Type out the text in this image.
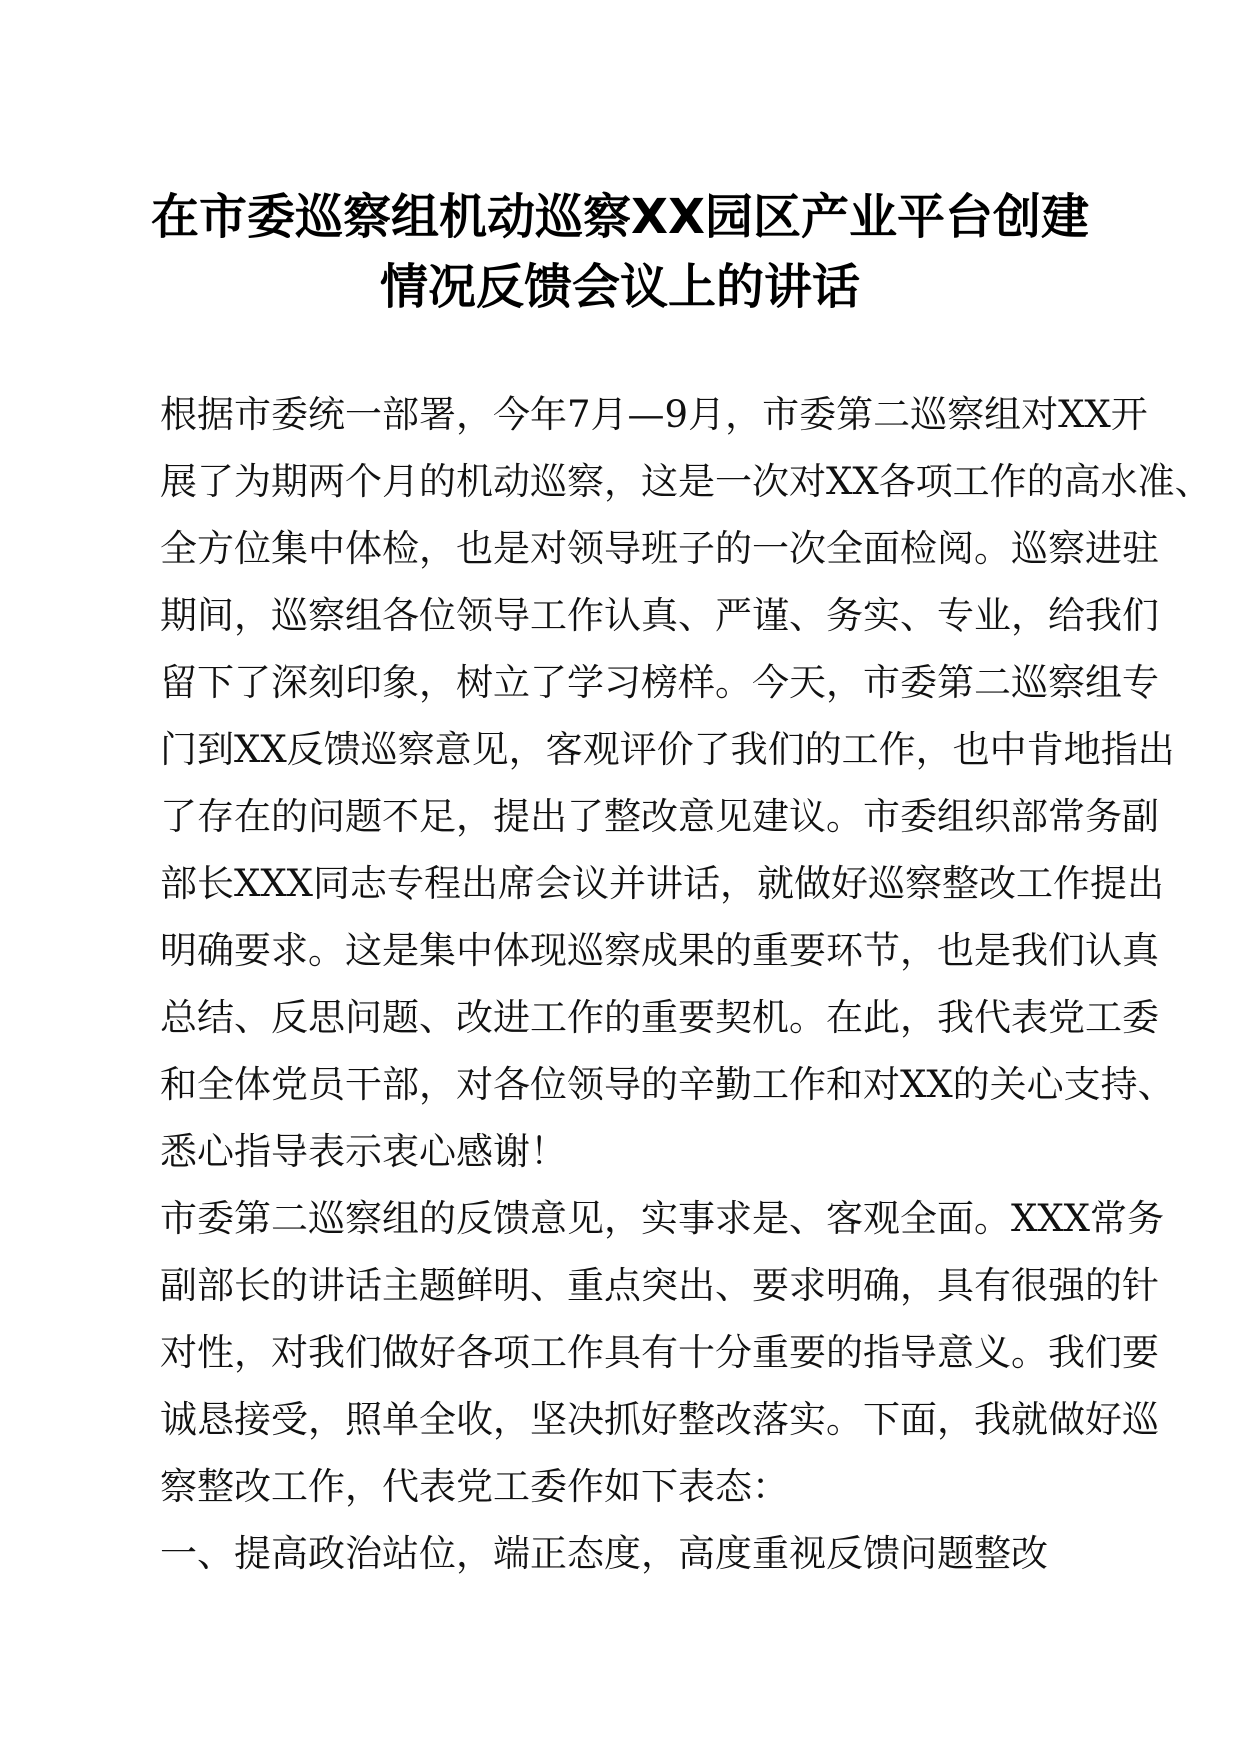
在市委巡察组机动巡察XX园区产业平台创建
情况反馈会议上的讲话

根据市委统一部署，今年7月—9月，市委第二巡察组对XX开

展了为期两个月的机动巡察，这是一次对XX各项工作的高水准、

全方位集中体检，也是对领导班子的一次全面检阅。巡察进驻

期间，巡察组各位领导工作认真、严谨、务实、专业，给我们

留下了深刻印象，树立了学习榜样。今天，市委第二巡察组专

门到XX反馈巡察意见，客观评价了我们的工作，也中肯地指出

了存在的问题不足，提出了整改意见建议。市委组织部常务副

部长XXX同志专程出席会议并讲话，就做好巡察整改工作提出

明确要求。这是集中体现巡察成果的重要环节，也是我们认真

总结、反思问题、改进工作的重要契机。在此，我代表党工委

和全体党员干部，对各位领导的辛勤工作和对XX的关心支持、

悉心指导表示衷心感谢！

市委第二巡察组的反馈意见，实事求是、客观全面。XXX常务

副部长的讲话主题鲜明、重点突出、要求明确，具有很强的针

对性，对我们做好各项工作具有十分重要的指导意义。我们要

诚恳接受，照单全收，坚决抓好整改落实。下面，我就做好巡

察整改工作，代表党工委作如下表态：

一、提高政治站位，端正态度，高度重视反馈问题整改
